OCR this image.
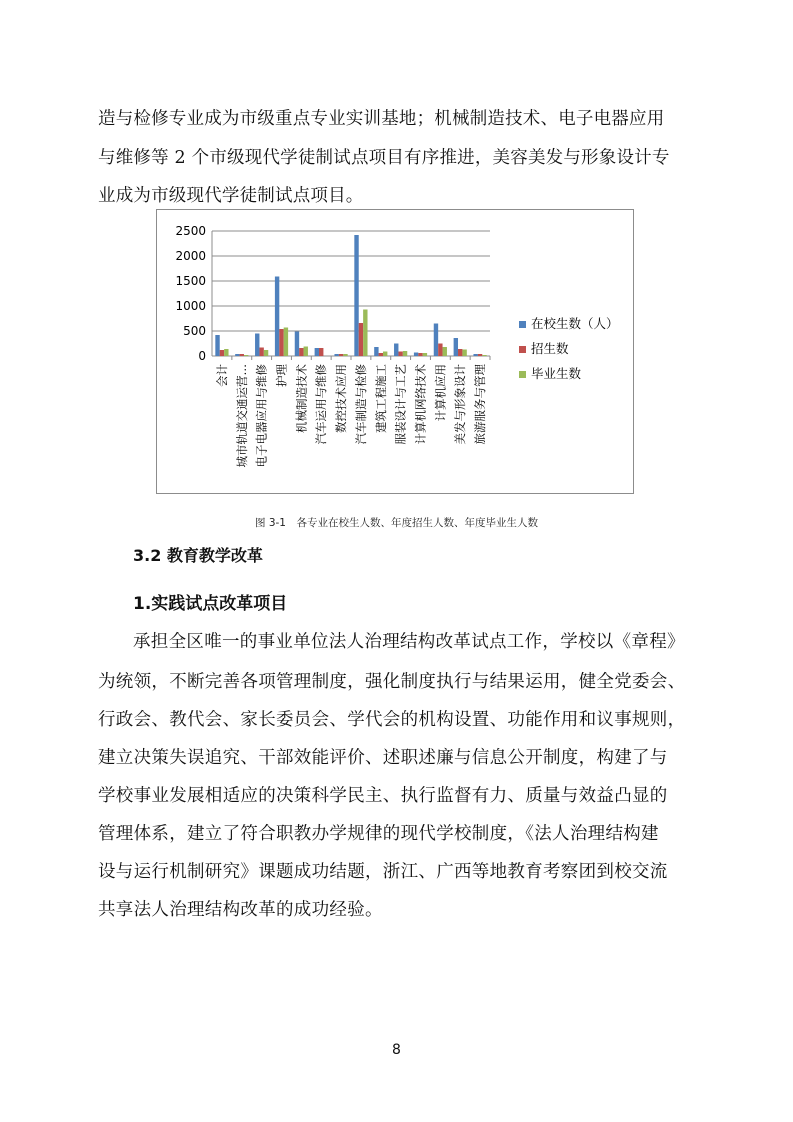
造与检修专业成为市级重点专业实训基地；机械制造技术、电子电器应用
与维修等 2 个市级现代学徒制试点项目有序推进，美容美发与形象设计专
业成为市级现代学徒制试点项目。
0
500
1000
1500
2000
2500
会计 城市轨道交通运营… 电子电器应用与维修 护理 机械制造技术 汽车运用与维修 数控技术应用 汽车制造与检修 建筑工程施工 服装设计与工艺 计算机网络技术 计算机应用 美发与形象设计 旅游服务与管理
在校生数（人）
招生数
毕业生数
图 3-1　各专业在校生人数、年度招生人数、年度毕业生人数
3.2 教育教学改革
1.实践试点改革项目
承担全区唯一的事业单位法人治理结构改革试点工作，学校以《章程》
为统领，不断完善各项管理制度，强化制度执行与结果运用，健全党委会、
行政会、教代会、家长委员会、学代会的机构设置、功能作用和议事规则，
建立决策失误追究、干部效能评价、述职述廉与信息公开制度，构建了与
学校事业发展相适应的决策科学民主、执行监督有力、质量与效益凸显的
管理体系，建立了符合职教办学规律的现代学校制度，《法人治理结构建
设与运行机制研究》课题成功结题，浙江、广西等地教育考察团到校交流
共享法人治理结构改革的成功经验。
8
